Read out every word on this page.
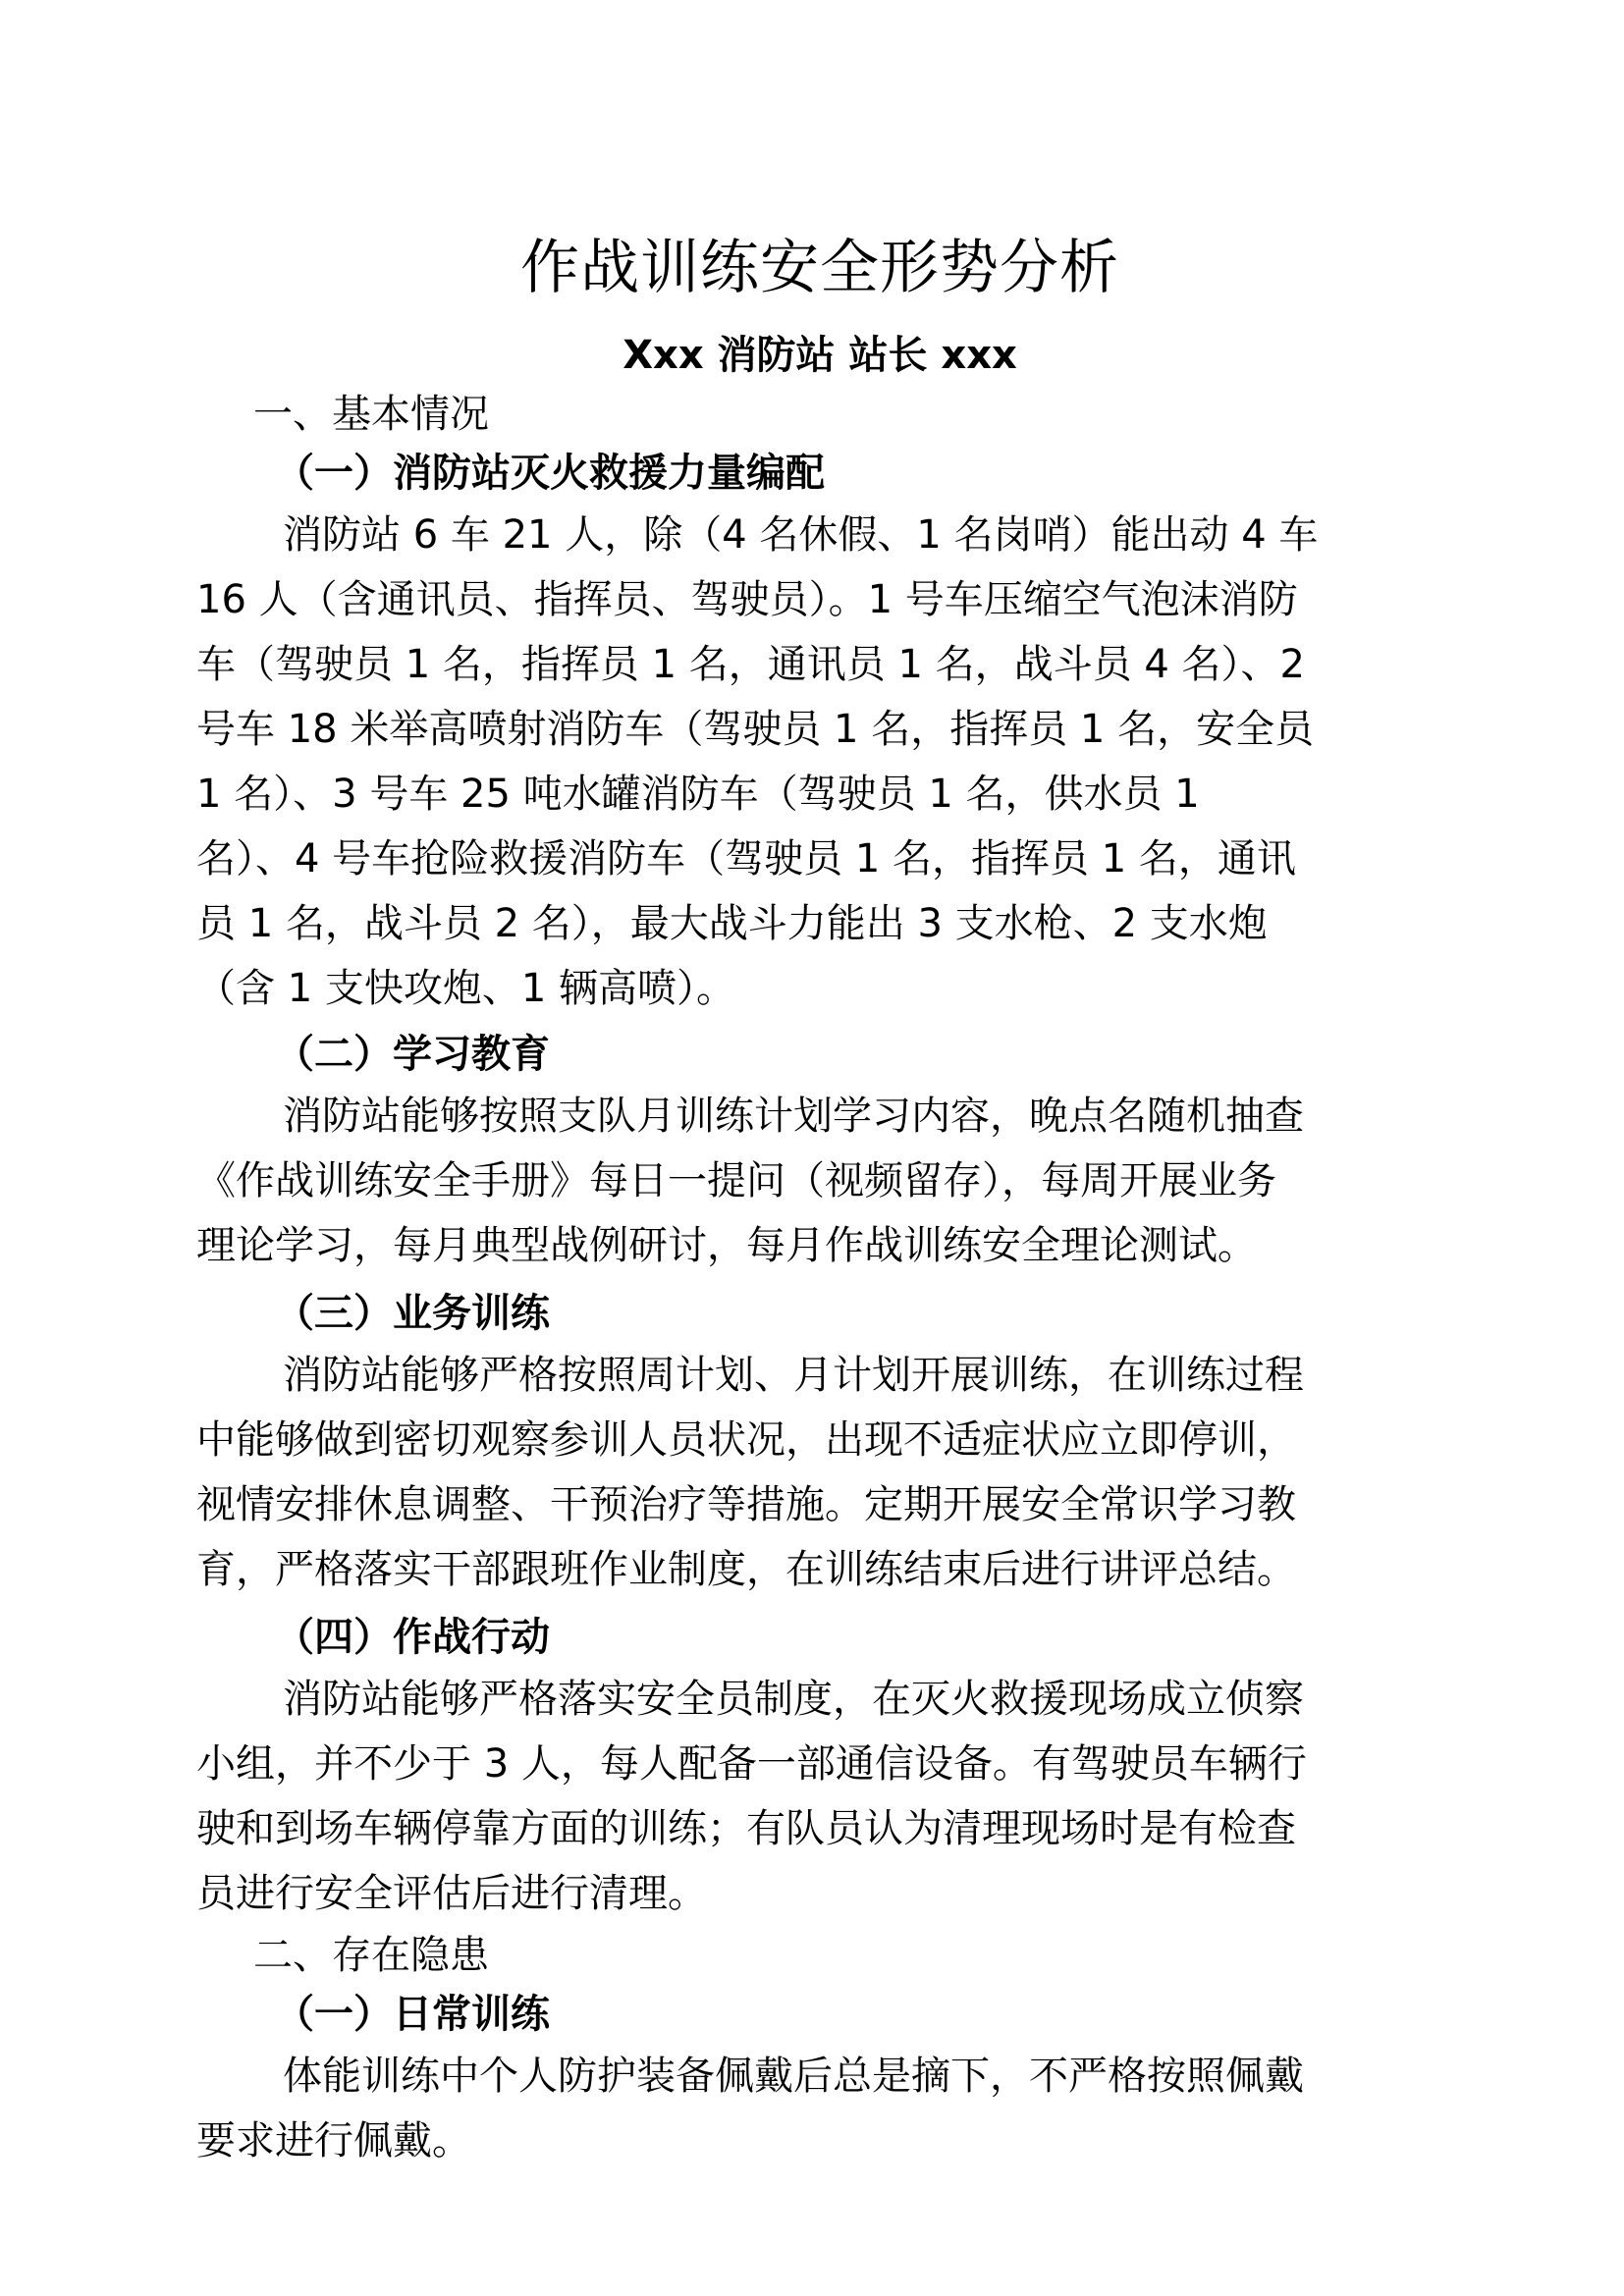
作战训练安全形势分析
Xxx 消防站 站长 xxx
一、基本情况
（一）消防站灭火救援力量编配
消防站 6 车 21 人，除（4 名休假、1 名岗哨）能出动 4 车
16 人（含通讯员、指挥员、驾驶员）。1 号车压缩空气泡沫消防
车（驾驶员 1 名，指挥员 1 名，通讯员 1 名，战斗员 4 名）、2
号车 18 米举高喷射消防车（驾驶员 1 名，指挥员 1 名，安全员
1 名）、3 号车 25 吨水罐消防车（驾驶员 1 名，供水员 1
名）、4 号车抢险救援消防车（驾驶员 1 名，指挥员 1 名，通讯
员 1 名，战斗员 2 名），最大战斗力能出 3 支水枪、2 支水炮
（含 1 支快攻炮、1 辆高喷）。
（二）学习教育
消防站能够按照支队月训练计划学习内容，晚点名随机抽查
《作战训练安全手册》每日一提问（视频留存），每周开展业务
理论学习，每月典型战例研讨，每月作战训练安全理论测试。
（三）业务训练
消防站能够严格按照周计划、月计划开展训练，在训练过程
中能够做到密切观察参训人员状况，出现不适症状应立即停训，
视情安排休息调整、干预治疗等措施。定期开展安全常识学习教
育，严格落实干部跟班作业制度，在训练结束后进行讲评总结。
（四）作战行动
消防站能够严格落实安全员制度，在灭火救援现场成立侦察
小组，并不少于 3 人，每人配备一部通信设备。有驾驶员车辆行
驶和到场车辆停靠方面的训练；有队员认为清理现场时是有检查
员进行安全评估后进行清理。
二、存在隐患
（一）日常训练
体能训练中个人防护装备佩戴后总是摘下，不严格按照佩戴
要求进行佩戴。
